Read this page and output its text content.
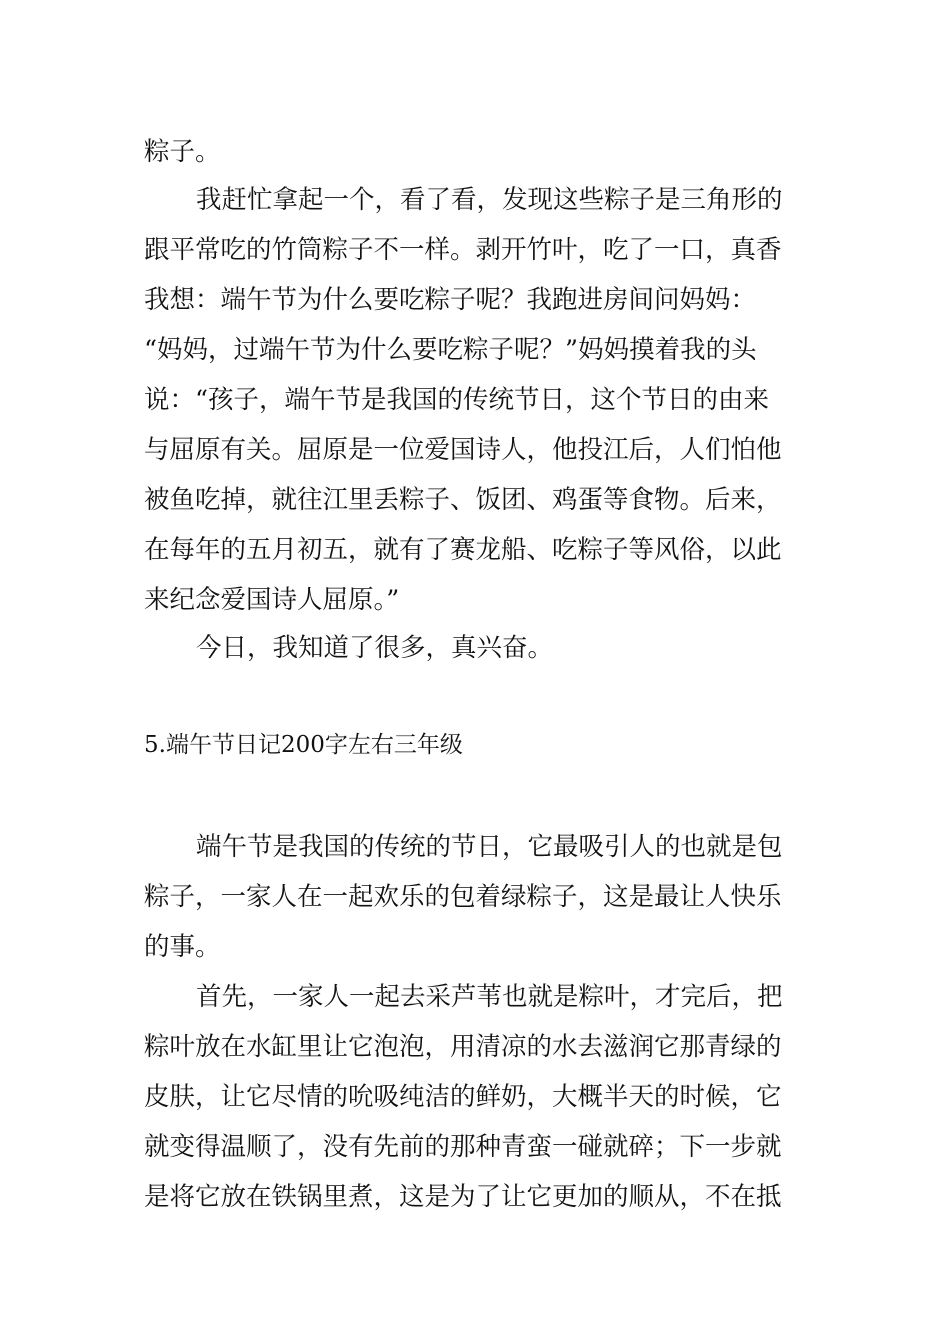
粽子。
我赶忙拿起一个，看了看，发现这些粽子是三角形的
跟平常吃的竹筒粽子不一样。剥开竹叶，吃了一口，真香
我想：端午节为什么要吃粽子呢？我跑进房间问妈妈：
“妈妈，过端午节为什么要吃粽子呢？”妈妈摸着我的头
说：“孩子，端午节是我国的传统节日，这个节日的由来
与屈原有关。屈原是一位爱国诗人，他投江后，人们怕他
被鱼吃掉，就往江里丢粽子、饭团、鸡蛋等食物。后来，
在每年的五月初五，就有了赛龙船、吃粽子等风俗，以此
来纪念爱国诗人屈原。”
今日，我知道了很多，真兴奋。
5.端午节日记200字左右三年级
端午节是我国的传统的节日，它最吸引人的也就是包
粽子，一家人在一起欢乐的包着绿粽子，这是最让人快乐
的事。
首先，一家人一起去采芦苇也就是粽叶，才完后，把
粽叶放在水缸里让它泡泡，用清凉的水去滋润它那青绿的
皮肤，让它尽情的吮吸纯洁的鲜奶，大概半天的时候，它
就变得温顺了，没有先前的那种青蛮一碰就碎；下一步就
是将它放在铁锅里煮，这是为了让它更加的顺从，不在抵
